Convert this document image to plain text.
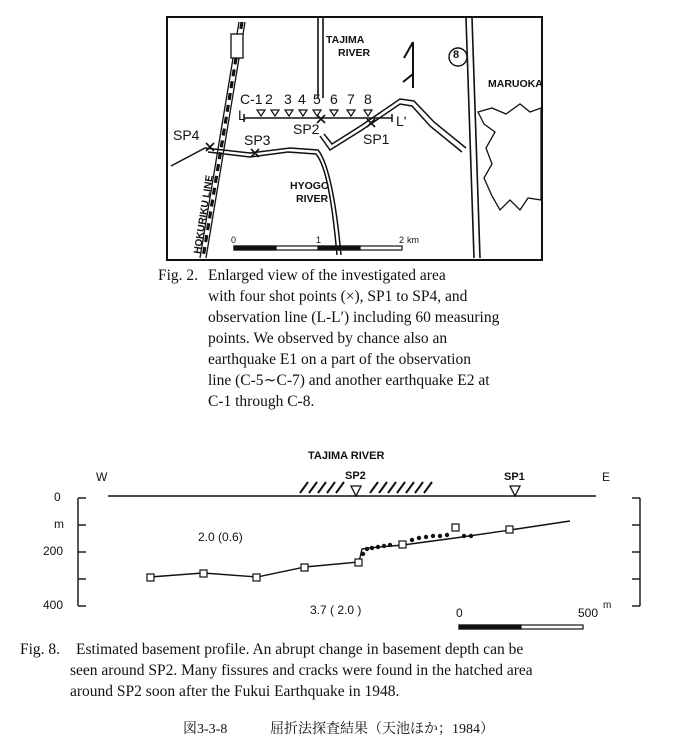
TAJIMA
RIVER
MARUOKA
8
HYOGO
RIVER
C-1 2 3 4 5 6 7 8
L	L'
SP1
SP2
SP3
SP4
HOKURIKU LINE 0	1	2 km
Fig. 2. Enlarged view of the investigated area
with four shot points (×), SP1 to SP4, and
observation line (L-L′) including 60 measuring
points. We observed by chance also an
earthquake E1 on a part of the observation
line (C-5∼C-7) and another earthquake E2 at
C-1 through C-8.
TAJIMA RIVER
SP2	SP1
W	E
m
0
200
400
2.0 (0.6)
3.7 ( 2.0 )	0	500
m
Fig. 8. Estimated basement profile. An abrupt change in basement depth can be
seen around SP2. Many fissures and cracks were found in the hatched area
around SP2 soon after the Fukui Earthquake in 1948.
図3-3-8	屈折法探査結果（天池ほか；1984）
